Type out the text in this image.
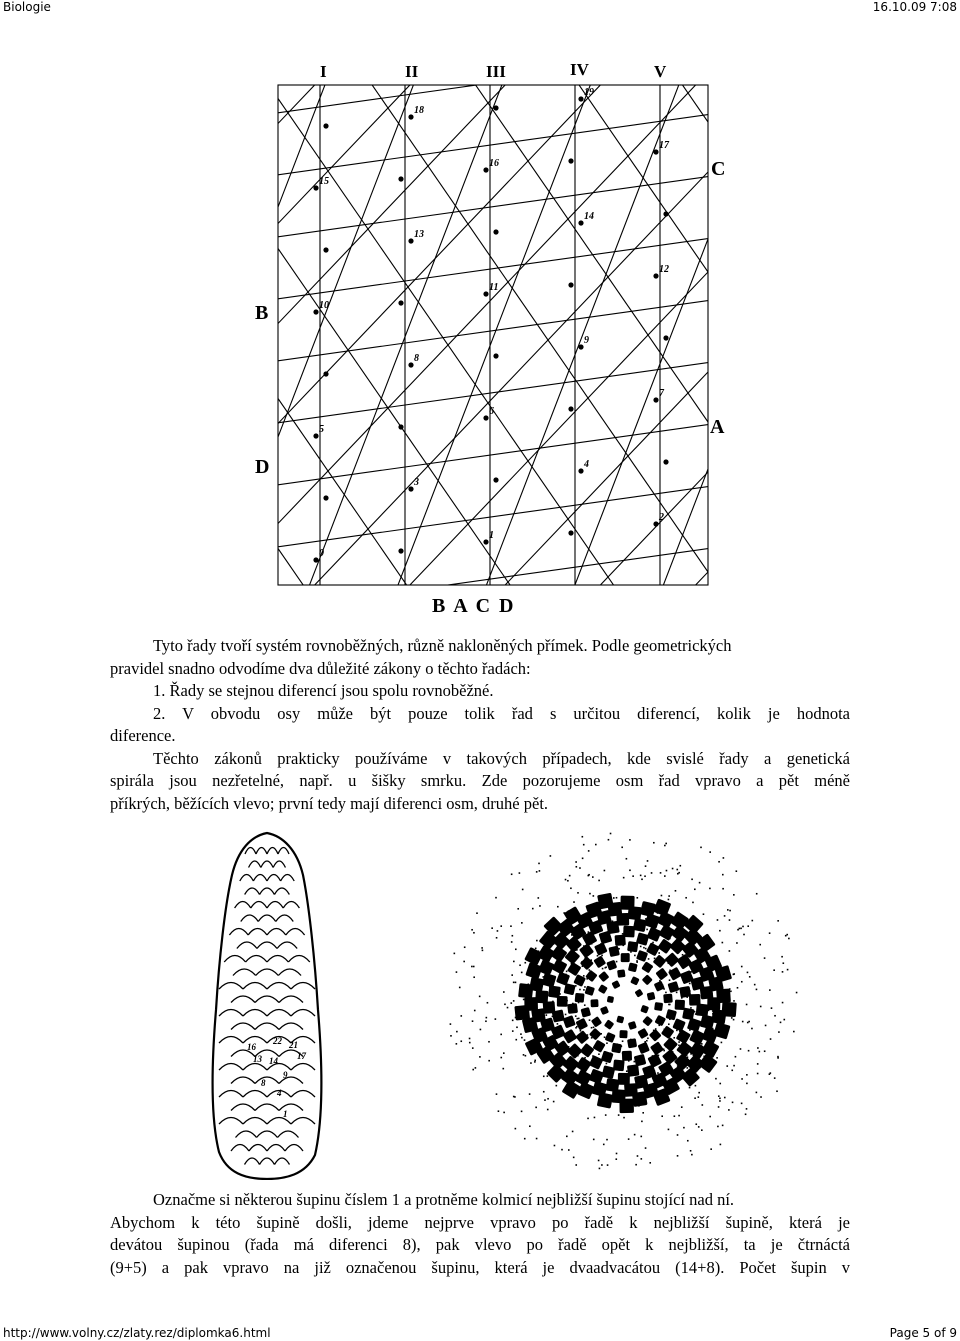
Biologie	16.10.09 7:08
I	II	III	IV	V
C
B
A
D
B A C D
0
1
2
3
4
5
6
7
8
9
10
11
12
13
14
15
16
17
18
19

Tyto řady tvoří systém rovnoběžných, různě nakloněných přímek. Podle geometrických

pravidel snadno odvodíme dva důležité zákony o těchto řadách:

1. Řady se stejnou diferencí jsou spolu rovnoběžné.

2. V obvodu osy může být pouze tolik řad s určitou diferencí, kolik je hodnota

diference.

Těchto zákonů prakticky používáme v takových případech, kde svislé řady a genetická

spirála jsou nezřetelné, např. u šišky smrku. Zde pozorujeme osm řad vpravo a pět méně

příkrých, běžících vlevo; první tedy mají diferenci osm, druhé pět.

16
22
13
21
17
9
4
1
14
8

Označme si některou šupinu číslem 1 a protněme kolmicí nejbližší šupinu stojící nad ní.

Abychom k této šupině došli, jdeme nejprve vpravo po řadě k nejbližší šupině, která je

devátou šupinou (řada má diferenci 8), pak vlevo po řadě opět k nejbližší, ta je čtrnáctá

(9+5) a pak vpravo na již označenou šupinu, která je dvaadvacátou (14+8). Počet šupin v

http://www.volny.cz/zlaty.rez/diplomka6.html	Page 5 of 9
